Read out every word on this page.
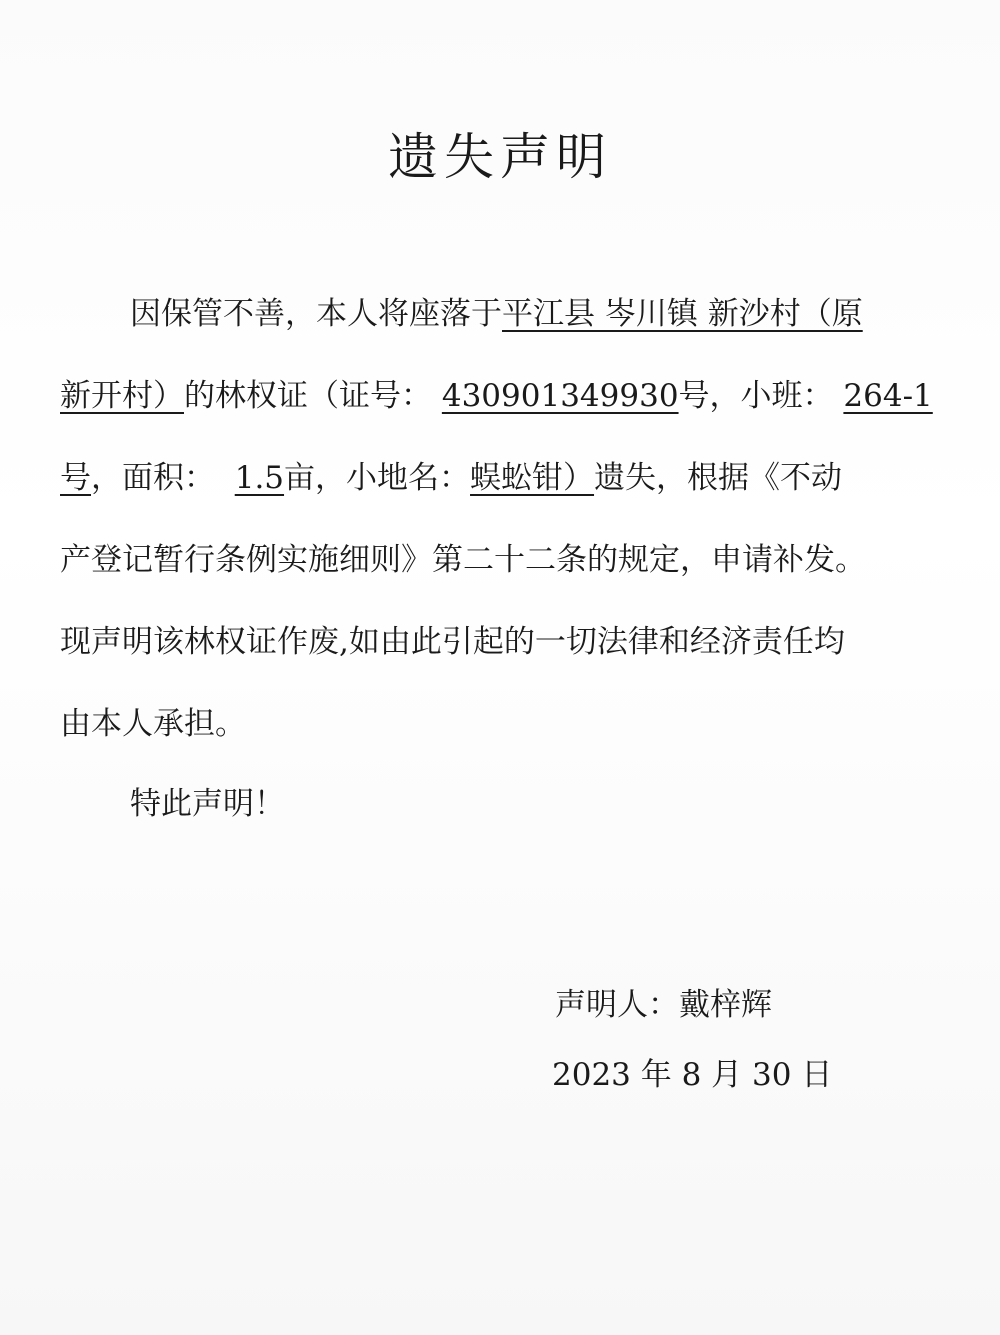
遗失声明
因保管不善，本人将座落于平江县 岑川镇 新沙村（原
新开村）的林权证（证号： 430901349930号，小班： 264-1
号，面积： 1.5亩，小地名：蜈蚣钳）遗失，根据《不动
产登记暂行条例实施细则》第二十二条的规定，申请补发。
现声明该林权证作废,如由此引起的一切法律和经济责任均
由本人承担。
特此声明！
声明人：戴梓辉
2023 年 8 月 30 日
